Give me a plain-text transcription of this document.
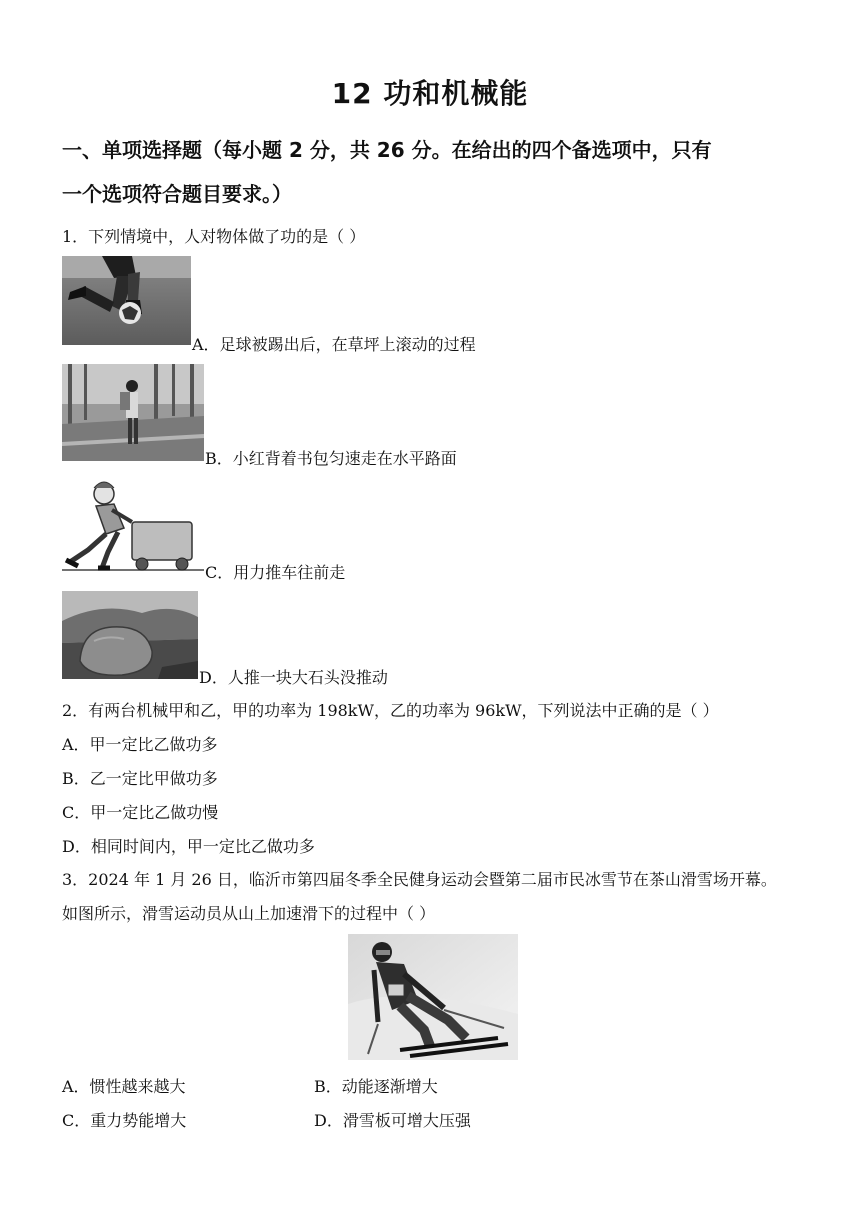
12 功和机械能
一、单项选择题（每小题 2 分，共 26 分。在给出的四个备选项中，只有
一个选项符合题目要求。）
1．下列情境中，人对物体做了功的是（ ）
A．足球被踢出后，在草坪上滚动的过程
B．小红背着书包匀速走在水平路面
C．用力推车往前走
D．人推一块大石头没推动
2．有两台机械甲和乙，甲的功率为 198kW，乙的功率为 96kW，下列说法中正确的是（ ）
A．甲一定比乙做功多
B．乙一定比甲做功多
C．甲一定比乙做功慢
D．相同时间内，甲一定比乙做功多
3．2024 年 1 月 26 日，临沂市第四届冬季全民健身运动会暨第二届市民冰雪节在茶山滑雪场开幕。
如图所示，滑雪运动员从山上加速滑下的过程中（ ）
A．惯性越来越大	B．动能逐渐增大
C．重力势能增大	D．滑雪板可增大压强
